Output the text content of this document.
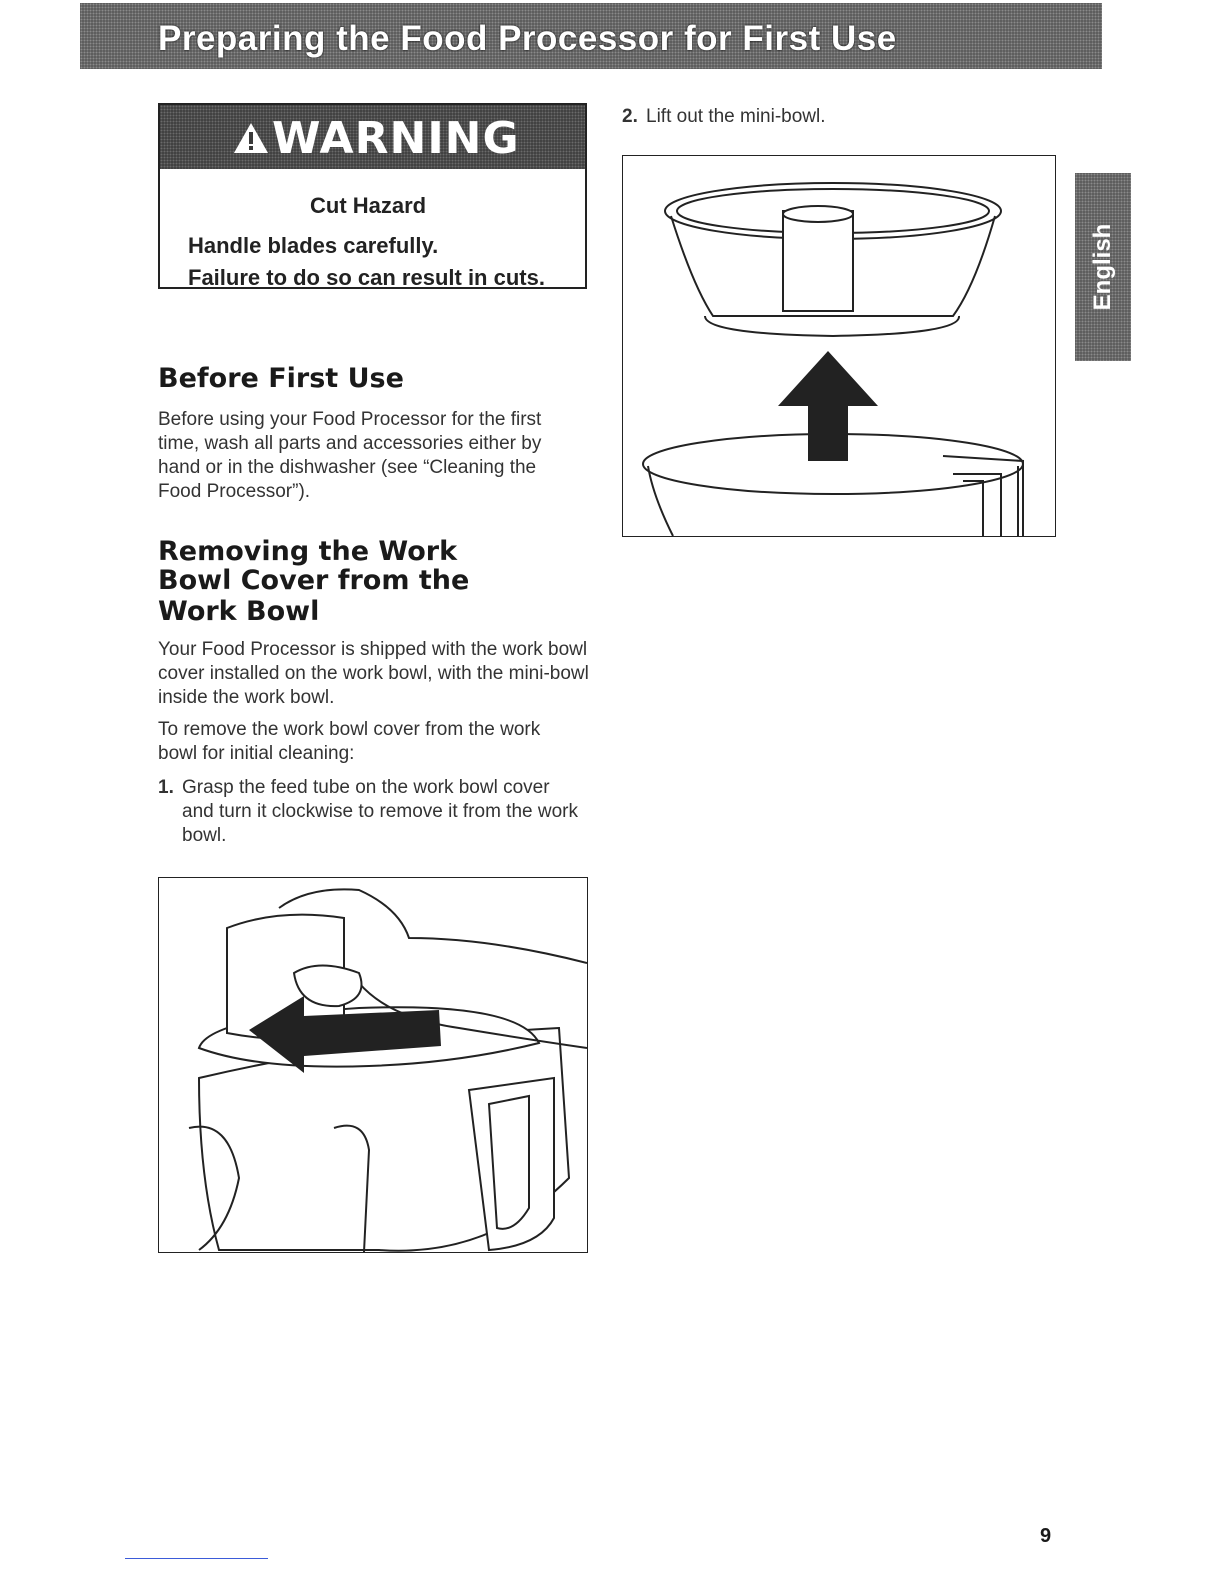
Preparing the Food Processor for First Use
WARNING
Cut Hazard
Handle blades carefully.
Failure to do so can result in cuts.
Before First Use
Before using your Food Processor for the first time, wash all parts and accessories either by hand or in the dishwasher (see “Cleaning the Food Processor”).
Removing the Work
Bowl Cover from the
Work Bowl
Your Food Processor is shipped with the work bowl cover installed on the work bowl, with the mini-bowl inside the work bowl.
To remove the work bowl cover from the work bowl for initial cleaning:
1. Grasp the feed tube on the work bowl cover and turn it clockwise to remove it from the work bowl.
2. Lift out the mini-bowl.
English
9
